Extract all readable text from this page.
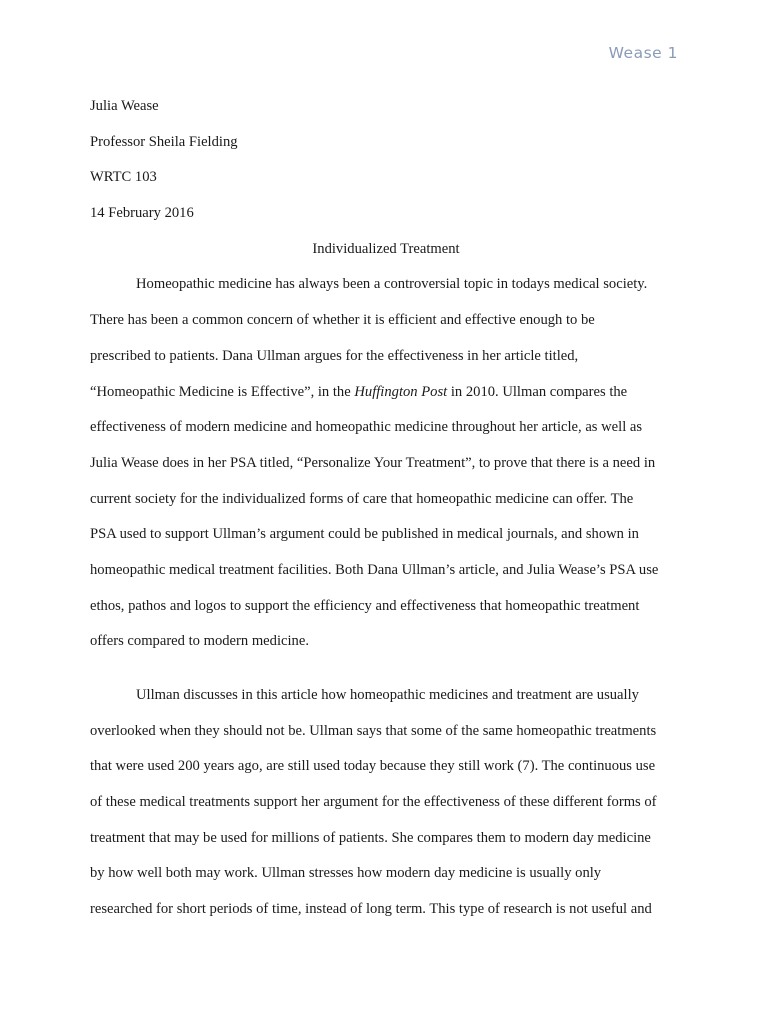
Wease 1
Julia Wease
Professor Sheila Fielding
WRTC 103
14 February 2016
Individualized Treatment
Homeopathic medicine has always been a controversial topic in todays medical society.
There has been a common concern of whether it is efficient and effective enough to be
prescribed to patients. Dana Ullman argues for the effectiveness in her article titled,
“Homeopathic Medicine is Effective”, in the Huffington Post in 2010. Ullman compares the
effectiveness of modern medicine and homeopathic medicine throughout her article, as well as
Julia Wease does in her PSA titled, “Personalize Your Treatment”, to prove that there is a need in
current society for the individualized forms of care that homeopathic medicine can offer. The
PSA used to support Ullman’s argument could be published in medical journals, and shown in
homeopathic medical treatment facilities. Both Dana Ullman’s article, and Julia Wease’s PSA use
ethos, pathos and logos to support the efficiency and effectiveness that homeopathic treatment
offers compared to modern medicine.
Ullman discusses in this article how homeopathic medicines and treatment are usually
overlooked when they should not be. Ullman says that some of the same homeopathic treatments
that were used 200 years ago, are still used today because they still work (7). The continuous use
of these medical treatments support her argument for the effectiveness of these different forms of
treatment that may be used for millions of patients. She compares them to modern day medicine
by how well both may work. Ullman stresses how modern day medicine is usually only
researched for short periods of time, instead of long term. This type of research is not useful and
